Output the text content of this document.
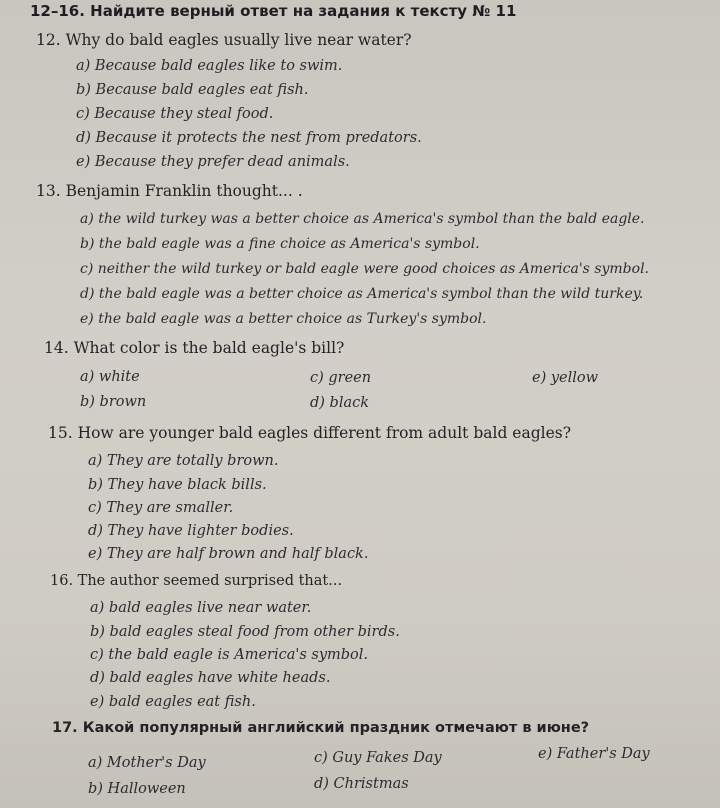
12–16. Найдите верный ответ на задания к тексту № 11
12. Why do bald eagles usually live near water?
a) Because bald eagles like to swim.
b) Because bald eagles eat fish.
c) Because they steal food.
d) Because it protects the nest from predators.
e) Because they prefer dead animals.
13. Benjamin Franklin thought... .
a) the wild turkey was a better choice as America's symbol than the bald eagle.
b) the bald eagle was a fine choice as America's symbol.
c) neither the wild turkey or bald eagle were good choices as America's symbol.
d) the bald eagle was a better choice as America's symbol than the wild turkey.
e) the bald eagle was a better choice as Turkey's symbol.
14. What color is the bald eagle's bill?
a) white	c) green	e) yellow
b) brown	d) black
15. How are younger bald eagles different from adult bald eagles?
a) They are totally brown.
b) They have black bills.
c) They are smaller.
d) They have lighter bodies.
e) They are half brown and half black.
16. The author seemed surprised that...
a) bald eagles live near water.
b) bald eagles steal food from other birds.
c) the bald eagle is America's symbol.
d) bald eagles have white heads.
e) bald eagles eat fish.
17. Какой популярный английский праздник отмечают в июне?
a) Mother's Day	c) Guy Fakes Day	e) Father's Day
b) Halloween	d) Christmas
